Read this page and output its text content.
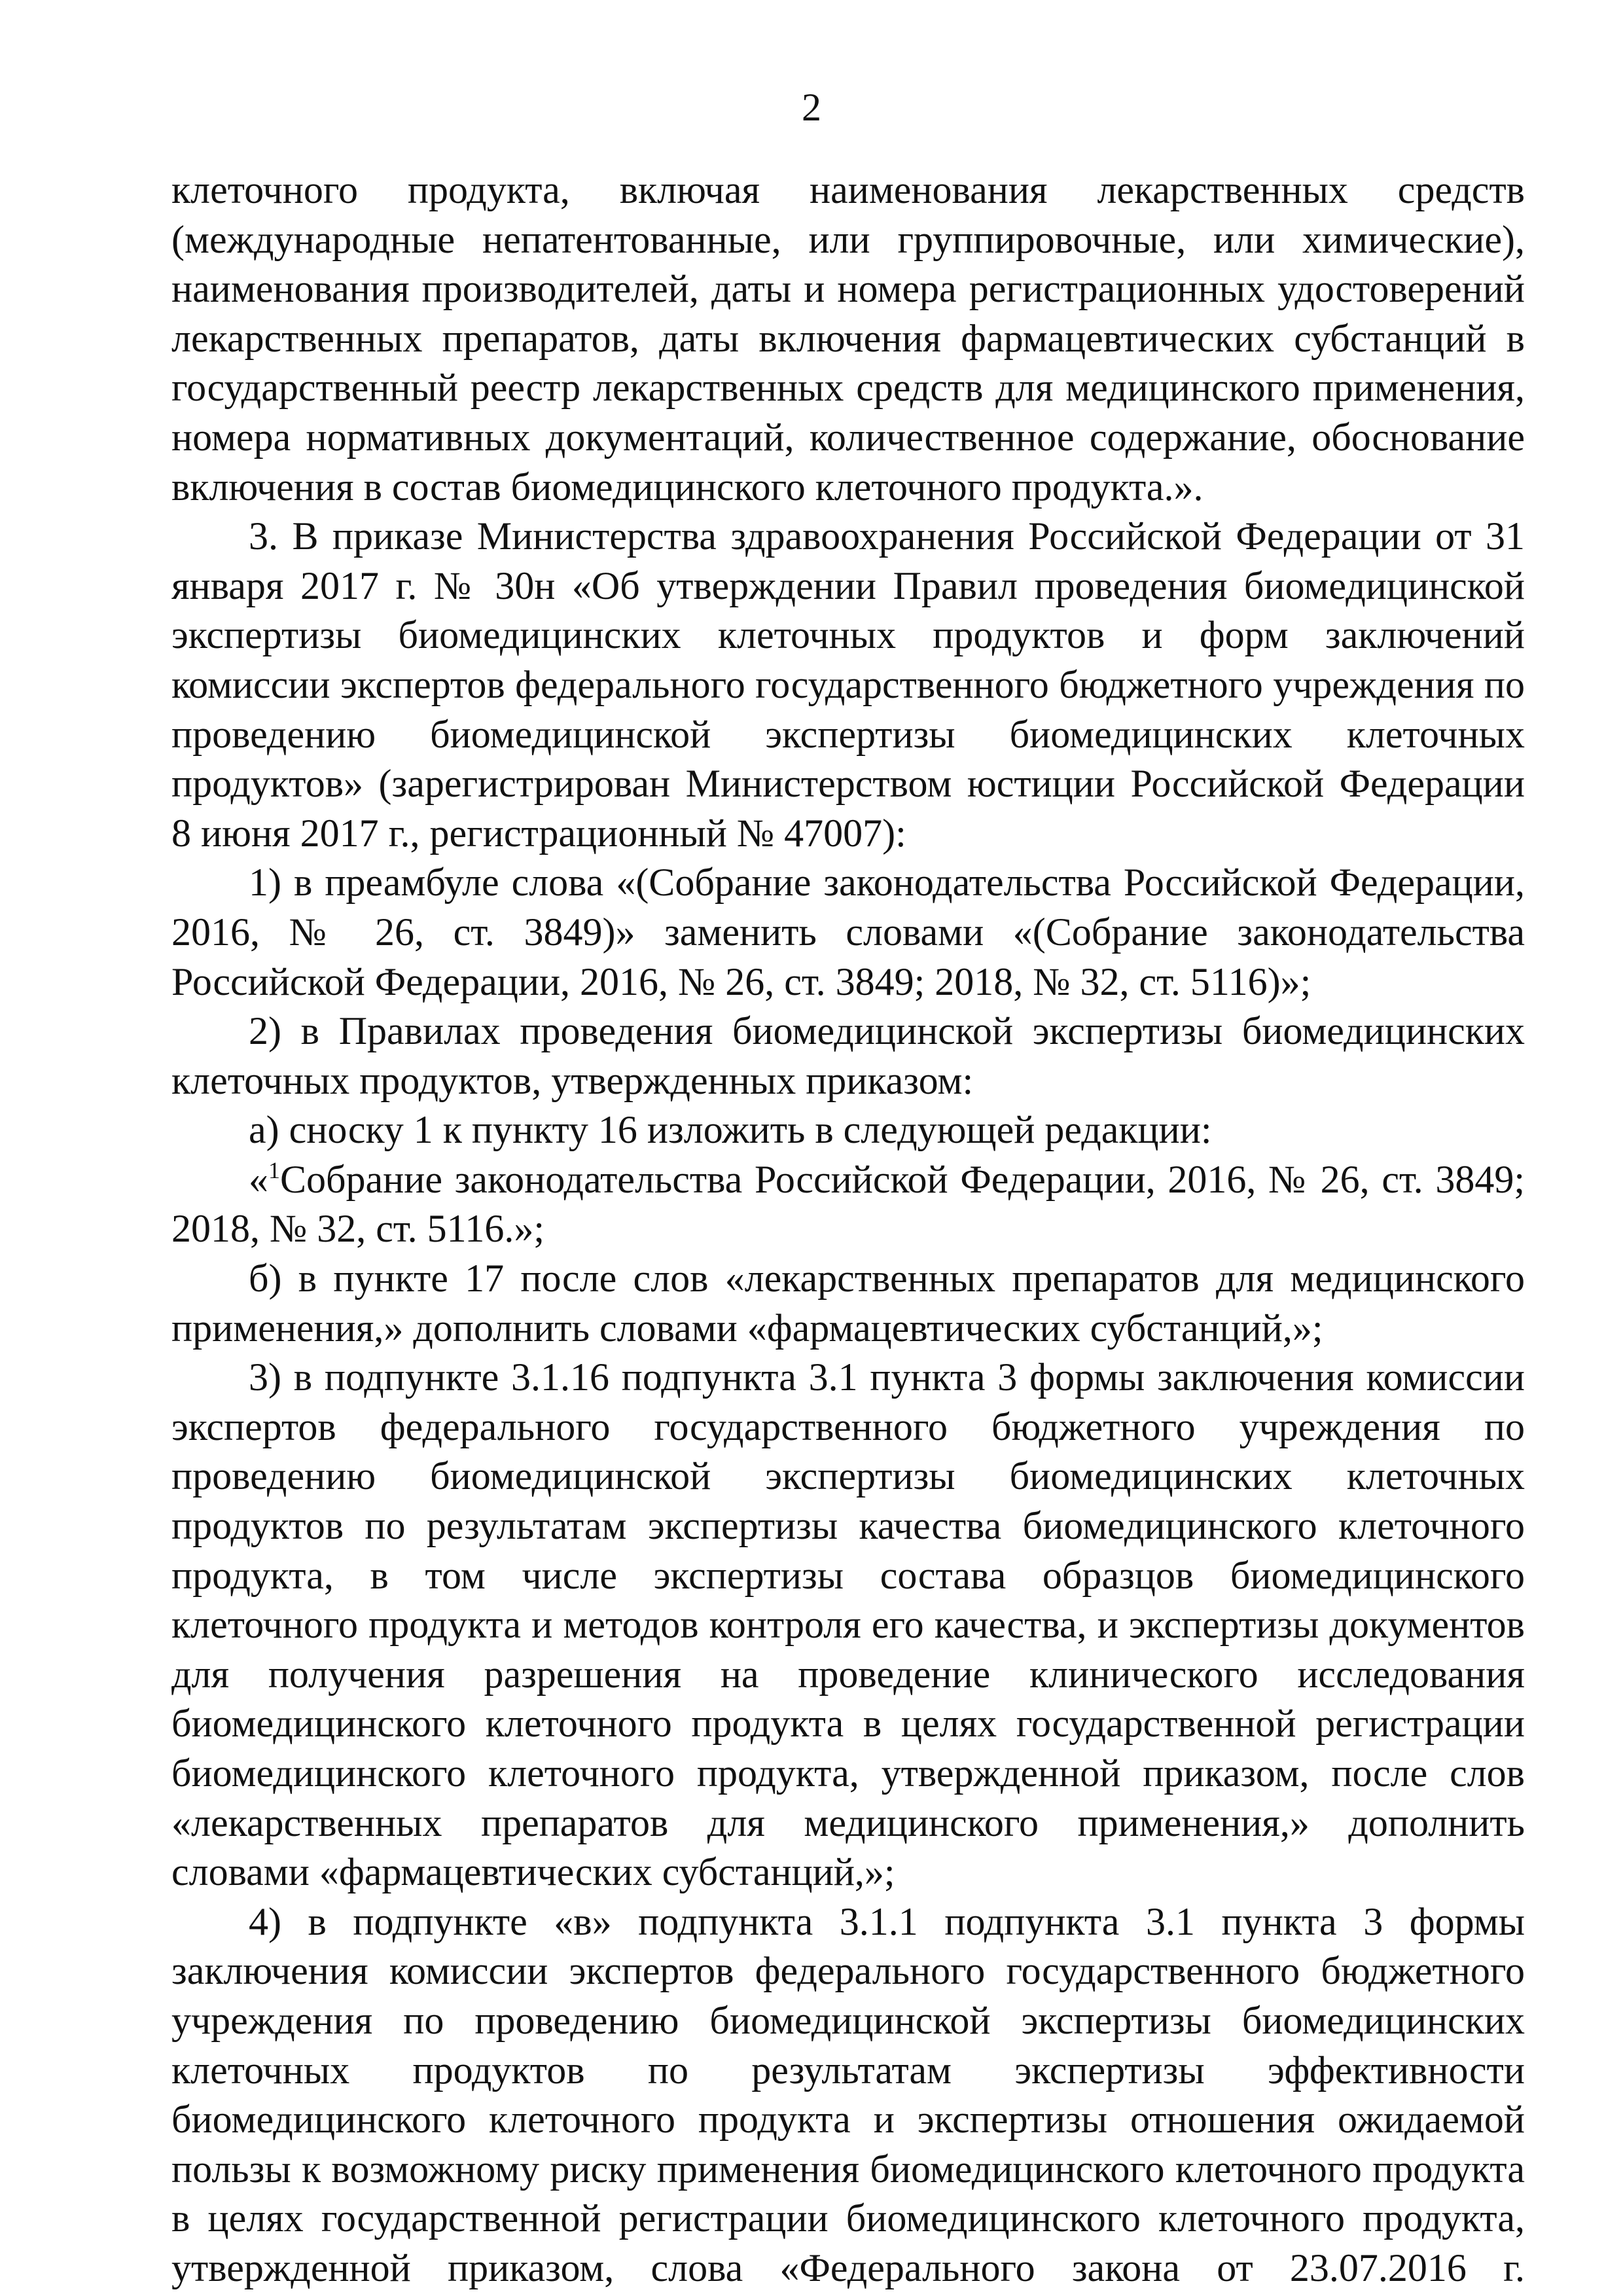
2

клеточного продукта, включая наименования лекарственных средств (международные непатентованные, или группировочные, или химические), наименования производителей, даты и номера регистрационных удостоверений лекарственных препаратов, даты включения фармацевтических субстанций в государственный реестр лекарственных средств для медицинского применения, номера нормативных документаций, количественное содержание, обоснование включения в состав биомедицинского клеточного продукта.».

3. В приказе Министерства здравоохранения Российской Федерации от 31 января 2017 г. № 30н «Об утверждении Правил проведения биомедицинской экспертизы биомедицинских клеточных продуктов и форм заключений комиссии экспертов федерального государственного бюджетного учреждения по проведению биомедицинской экспертизы биомедицинских клеточных продуктов» (зарегистрирован Министерством юстиции Российской Федерации 8 июня 2017 г., регистрационный № 47007):

1) в преамбуле слова «(Собрание законодательства Российской Федерации, 2016, № 26, ст. 3849)» заменить словами «(Собрание законодательства Российской Федерации, 2016, № 26, ст. 3849; 2018, № 32, ст. 5116)»;

2) в Правилах проведения биомедицинской экспертизы биомедицинских клеточных продуктов, утвержденных приказом:

а) сноску 1 к пункту 16 изложить в следующей редакции:

«$^1$Собрание законодательства Российской Федерации, 2016, № 26, ст. 3849; 2018, № 32, ст. 5116.»;

б) в пункте 17 после слов «лекарственных препаратов для медицинского применения,» дополнить словами «фармацевтических субстанций,»;

3) в подпункте 3.1.16 подпункта 3.1 пункта 3 формы заключения комиссии экспертов федерального государственного бюджетного учреждения по проведению биомедицинской экспертизы биомедицинских клеточных продуктов по результатам экспертизы качества биомедицинского клеточного продукта, в том числе экспертизы состава образцов биомедицинского клеточного продукта и методов контроля его качества, и экспертизы документов для получения разрешения на проведение клинического исследования биомедицинского клеточного продукта в целях государственной регистрации биомедицинского клеточного продукта, утвержденной приказом, после слов «лекарственных препаратов для медицинского применения,» дополнить словами «фармацевтических субстанций,»;

4) в подпункте «в» подпункта 3.1.1 подпункта 3.1 пункта 3 формы заключения комиссии экспертов федерального государственного бюджетного учреждения по проведению биомедицинской экспертизы биомедицинских клеточных продуктов по результатам экспертизы эффективности биомедицинского клеточного продукта и экспертизы отношения ожидаемой пользы к возможному риску применения биомедицинского клеточного продукта в целях государственной регистрации биомедицинского клеточного продукта, утвержденной приказом, слова «Федерального закона от 23.07.2016 г.
